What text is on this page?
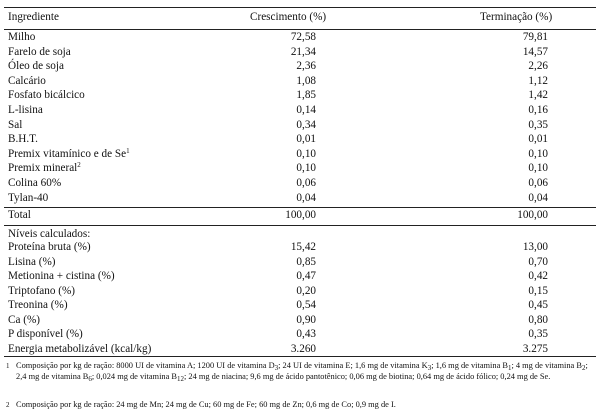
Ingrediente	Crescimento (%)	Terminação (%)
Milho	72,58	79,81
Farelo de soja	21,34	14,57
Óleo de soja	2,36	2,26
Calcário	1,08	1,12
Fosfato bicálcico	1,85	1,42
L-lisina	0,14	0,16
Sal	0,34	0,35
B.H.T.	0,01	0,01
Premix vitamínico e de Se$^1$	0,10	0,10
Premix mineral$^2$	0,10	0,10
Colina 60%	0,06	0,06
Tylan-40	0,04	0,04
Total	100,00	100,00
Níveis calculados:
Proteína bruta (%)	15,42	13,00
Lisina (%)	0,85	0,70
Metionina + cistina (%)	0,47	0,42
Triptofano (%)	0,20	0,15
Treonina (%)	0,54	0,45
Ca (%)	0,90	0,80
P disponível (%)	0,43	0,35
Energia metabolizável (kcal/kg)	3.260	3.275
1 Composição por kg de ração: 8000 UI de vitamina A; 1200 UI de vitamina $D_3$; 24 UI de vitamina E; 1,6 mg de vitamina $K_3$; 1,6 mg de vitamina $B_1$; 4 mg de vitamina $B_2$; 2,4 mg de vitamina $B_6$; 0,024 mg de vitamina $B_{12}$; 24 mg de niacina; 9,6 mg de ácido pantotênico; 0,06 mg de biotina; 0,64 mg de ácido fólico; 0,24 mg de Se.
2 Composição por kg de ração: 24 mg de Mn; 24 mg de Cu; 60 mg de Fe; 60 mg de Zn; 0,6 mg de Co; 0,9 mg de I.
